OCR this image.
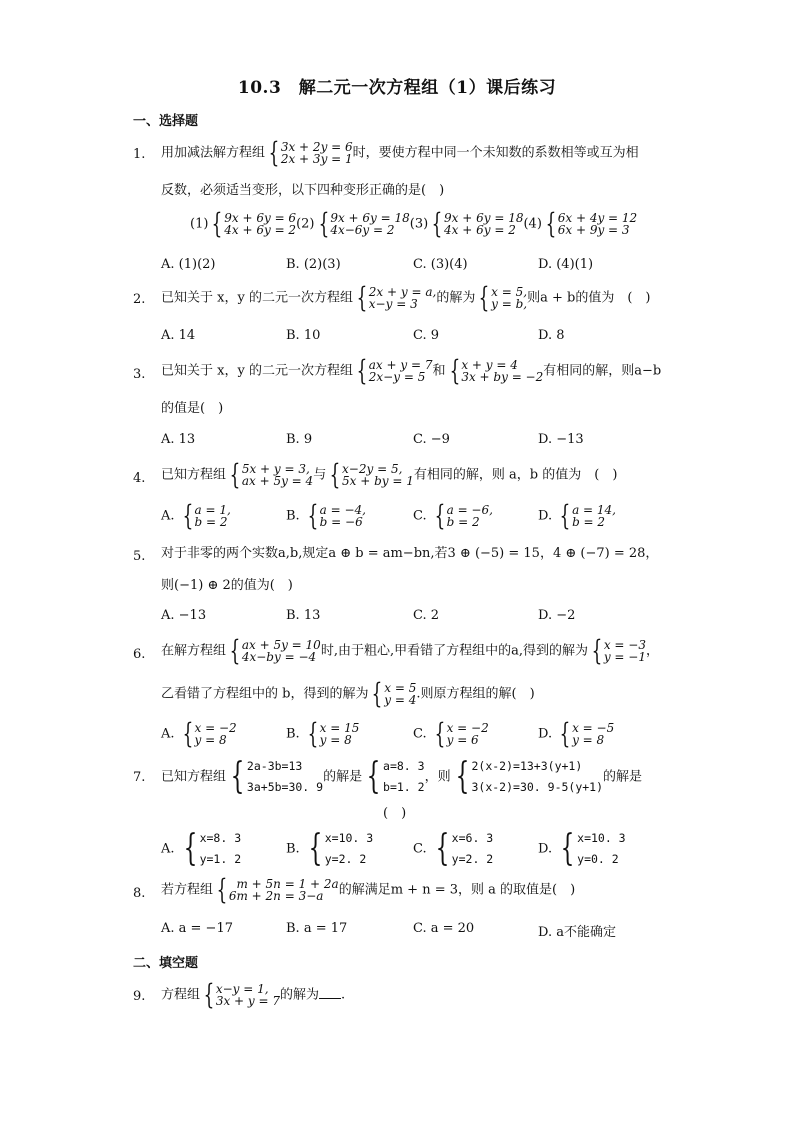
10.3　解二元一次方程组（1）课后练习
一、选择题
1. 用加减法解方程组 { 3x + 2y = 6
2x + 3y = 1 时，要使方程中同一个未知数的系数相等或互为相
反数，必须适当变形，以下四种变形正确的是(　)
(1) { 9x + 6y = 6
4x + 6y = 2 (2) { 9x + 6y = 18
4x−6y = 2	(3) { 9x + 6y = 18
4x + 6y = 2 (4) { 6x + 4y = 12
6x + 9y = 3
A. (1)(2)	B. (2)(3)	C. (3)(4)	D. (4)(1)
2. 已知关于 x，y 的二元一次方程组 { 2x + y = a,
x−y = 3	的解为 { x = 5,
y = b, 则a + b的值为　(　)
A. 14	B. 10	C. 9	D. 8
3. 已知关于 x，y 的二元一次方程组 { ax + y = 7
2x−y = 5 和 { x + y = 4
3x + by = −2 有相同的解，则a−b
的值是(　)
A. 13	B. 9	C. −9	D. −13
4. 已知方程组 { 5x + y = 3,
ax + 5y = 4 与 { x−2y = 5,
5x + by = 1 有相同的解，则 a，b 的值为　(　)
A. { a = 1,
b = 2	B. { a = −4,
b = −6	C. { a = −6,
b = 2	D. { a = 14,
b = 2
5. 对于非零的两个实数a,b,规定a ⊕ b = am−bn,若3 ⊕ (−5) = 15，4 ⊕ (−7) = 28，
则(−1) ⊕ 2的值为(　)
A. −13	B. 13	C. 2	D. −2
6. 在解方程组 { ax + 5y = 10
4x−by = −4 时,由于粗心,甲看错了方程组中的a,得到的解为 { x = −3
y = −1 ，
乙看错了方程组中的 b，得到的解为 { x = 5
y = 4 .则原方程组的解(　)
A. { x = −2
y = 8	B. { x = 15
y = 8	C. { x = −2
y = 6	D. { x = −5
y = 8
7. 已知方程组 { 2a-3b=13
3a+5b=30. 9
的解是 { a=8. 3
b=1. 2
，则 { 2(x-2)=13+3(y+1)
3(x-2)=30. 9-5(y+1)
的解是
(　)
A. { x=8. 3
y=1. 2
B. { x=10. 3
y=2. 2
C. { x=6. 3
y=2. 2
D. { x=10. 3
y=0. 2
8. 若方程组 { m + 5n = 1 + 2a
6m + 2n = 3−a	的解满足m + n = 3，则 a 的取值是(　)
A. a = −17	B. a = 17	C. a = 20	D. a不能确定
二、填空题
9. 方程组 { x−y = 1,
3x + y = 7 的解为 .
